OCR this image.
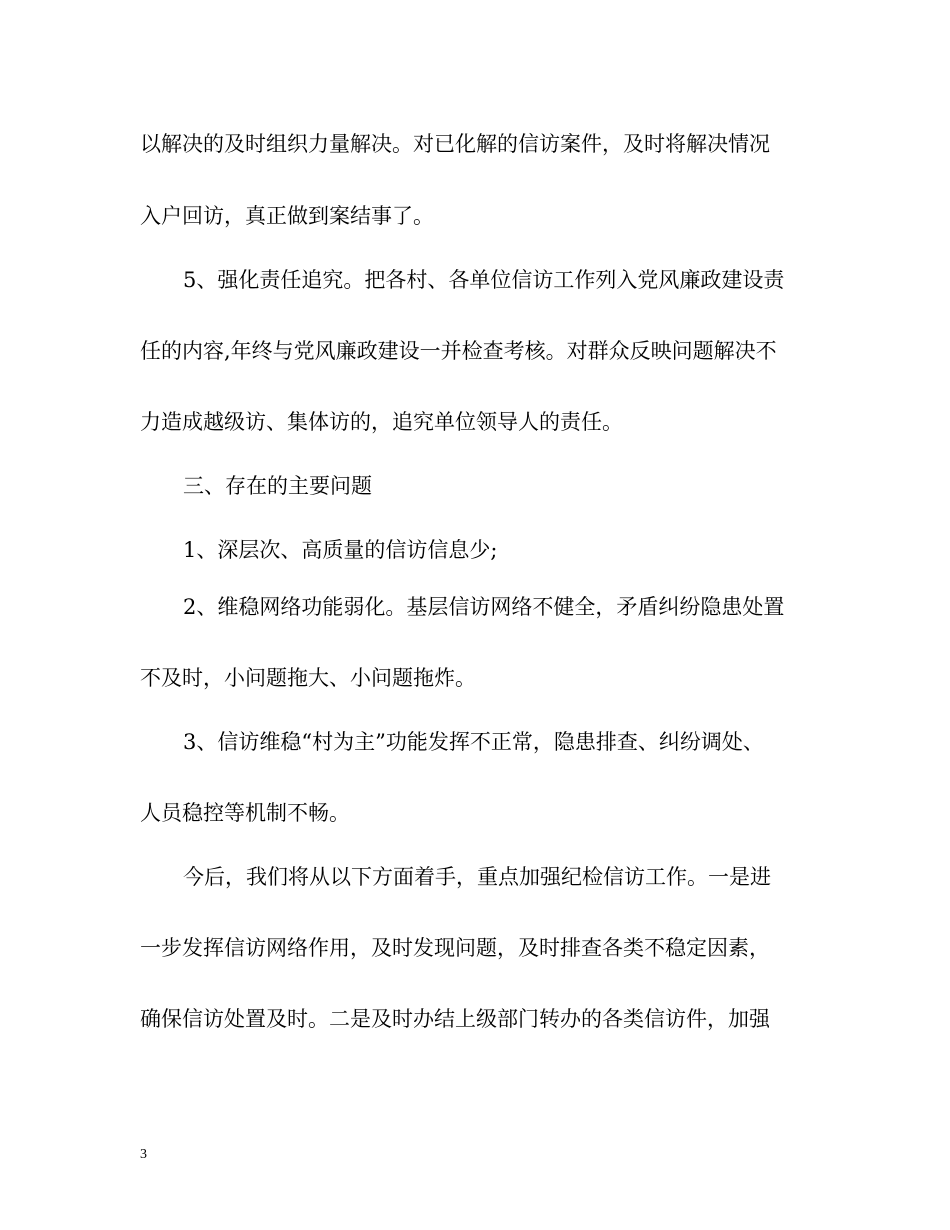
以解决的及时组织力量解决。对已化解的信访案件，及时将解决情况
入户回访，真正做到案结事了。
5、强化责任追究。把各村、各单位信访工作列入党风廉政建设责
任的内容,年终与党风廉政建设一并检查考核。对群众反映问题解决不
力造成越级访、集体访的，追究单位领导人的责任。
三、存在的主要问题
1、深层次、高质量的信访信息少;
2、维稳网络功能弱化。基层信访网络不健全，矛盾纠纷隐患处置
不及时，小问题拖大、小问题拖炸。
3、信访维稳“村为主”功能发挥不正常，隐患排查、纠纷调处、
人员稳控等机制不畅。
今后，我们将从以下方面着手，重点加强纪检信访工作。一是进
一步发挥信访网络作用，及时发现问题，及时排查各类不稳定因素，
确保信访处置及时。二是及时办结上级部门转办的各类信访件，加强
3
